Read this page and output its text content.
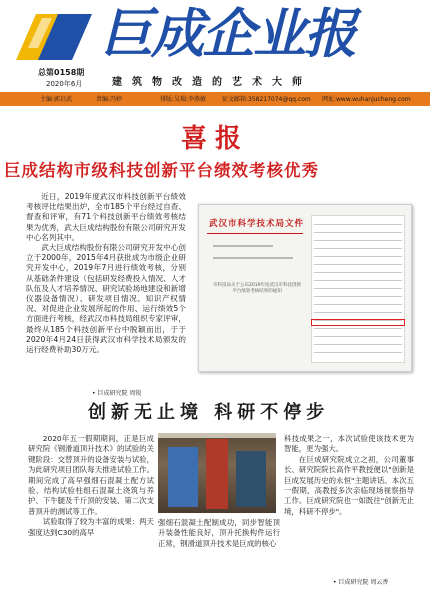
巨成企业报
总第0158期
2020年6月	建筑物改造的艺术大师
主编:郭启武	责编:冯婷	排版:吴瑞:李燕敏	征文邮箱:358217074@qq.com 网址:www.wuhanjucheng.com
喜报
巨成结构市级科技创新平台绩效考核优秀

近日，2019年度武汉市科技创新平台绩效考核评比结果出炉，全市185个平台经过自查、督查和评审，有71个科技创新平台绩效考核结果为优秀，武大巨成结构股份有限公司研究开发中心名列其中。

武大巨成结构股份有限公司研究开发中心创立于2000年，2015年4月获批成为市级企业研究开发中心，2019年7月进行绩效考核，分别从基础条件建设（包括研发经费投入情况、人才队伍及人才培养情况、研究试验场地建设和新增仪器设备情况）、研发项目情况、知识产权情况、对促进企业发展所起的作用、运行绩效5个方面进行考核，经武汉市科技局组织专家评审，最终从185个科技创新平台中脱颖而出，于于2020年4月24日获得武汉市科学技术局颁发的运行经费补助30万元。

• 巨成研究院 周锐
武汉市科学技术局文件
市科技局关于公布2019年度武汉市科技创新平台绩效考核结果的通知
创新无止境 科研不停步

2020年五一假期期间，正是巨成研究院《钢滑道顶升技术》的试验的关键阶段：交替顶升的设备安装与试验，为此研究项目团队每天推进试验工作。期间完成了高早强细石混凝土配方试验、结构试验柱组石混凝土浇筑与养护、下牛腿及千斤顶的安装、第二次支普顶升的测试等工作。

试验取得了较为丰富的成果：两天强度达到C30的高早

强细石混凝土配制成功，同步智能顶升装备性能良好，顶升托换构件运行正常，钢滑道顶升技术是巨成的核心

科技成果之一，本次试验使该技术更为智能，更为强大。

在巨成研究院成立之初，公司董事长、研究院院长高作平教授便以"创新是巨成发展历史的永恒"主题讲话。本次五一假期，高教授多次亲临现场视察指导工作。巨成研究院也一如既往"创新无止境，科研不停步"。

• 巨成研究院 周云香
